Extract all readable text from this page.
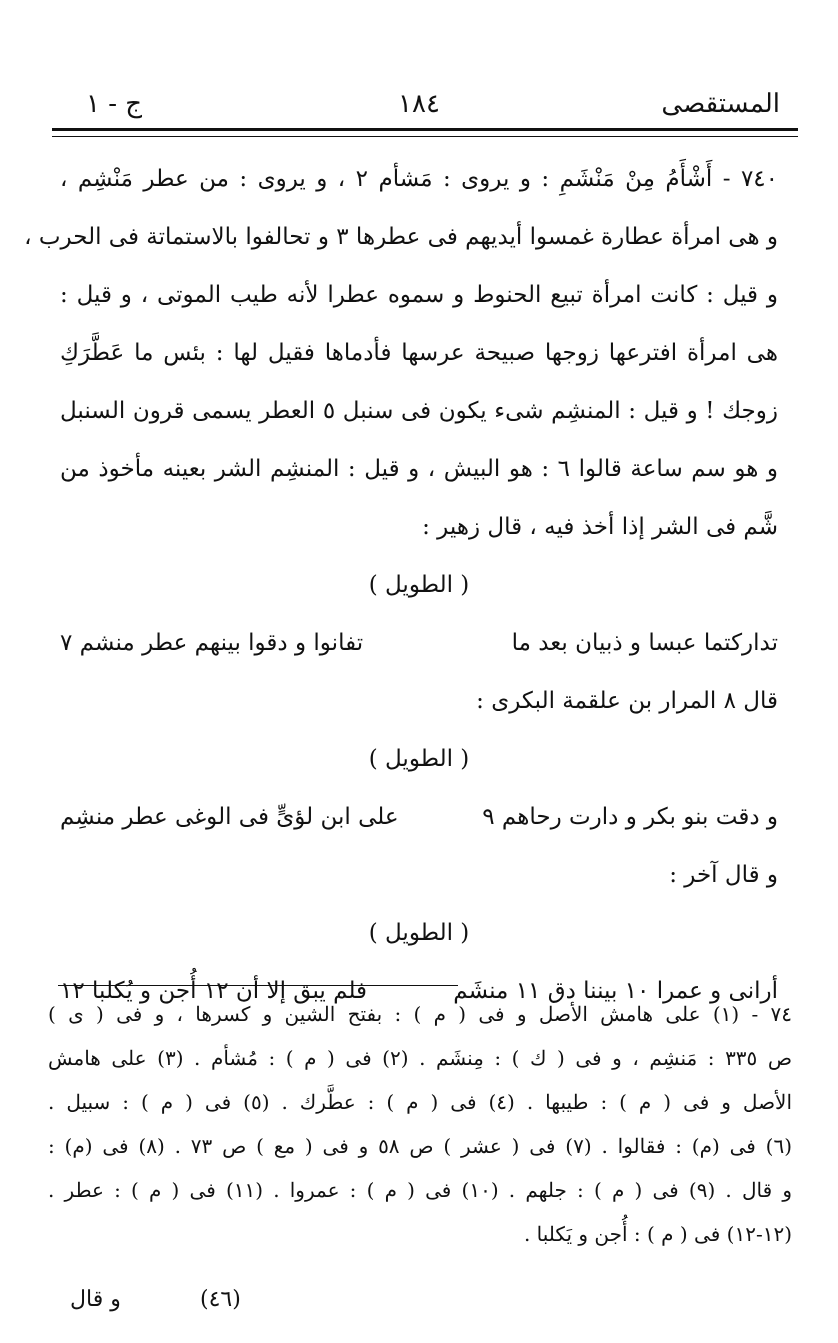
المستقصى
١٨٤
ج - ١
٧٤٠ - أَشْأَمُ مِنْ مَنْشَمِ : و يروى : مَشأم ٢ ، و يروى : من عطر مَنْشِم ،
و هى امرأة عطارة غمسوا أيديهم فى عطرها ٣ و تحالفوا بالاستماتة فى الحرب ،
و قيل : كانت امرأة تبيع الحنوط و سموه عطرا لأنه طيب الموتى ، و قيل :
هى امرأة افترعها زوجها صبيحة عرسها فأدماها فقيل لها : بئس ما عَطَّرَكِ
زوجك ! و قيل : المنشِم شىء يكون فى سنبل ٥ العطر يسمى قرون السنبل
و هو سم ساعة قالوا ٦ : هو البيش ، و قيل : المنشِم الشر بعينه مأخوذ من
شَّم فى الشر إذا أخذ فيه ، قال زهير :
( الطويل )
تداركتما عبسا و ذبيان بعد ما
تفانوا و دقوا بينهم عطر منشم ٧
قال ٨ المرار بن علقمة البكرى :
( الطويل )
و دقت بنو بكر و دارت رحاهم ٩
على ابن لؤىٍّ فى الوغى عطر منشِم
و قال آخر :
( الطويل )
أرانى و عمرا ١٠ بيننا دق ١١ منشَم
فلم يبق إلا أن ١٢ أُجن و يُكلبا ١٢
٧٤ - (١) على هامش الأصل و فى ( م ) : بفتح الشين و كسرها ، و فى ( ى )
ص ٣٣٥ : مَنشِم ، و فى ( ك ) : مِنشَم . (٢) فى ( م ) : مُشأم . (٣) على هامش
الأصل و فى ( م ) : طيبها . (٤) فى ( م ) : عطَّرك . (٥) فى ( م ) : سبيل .
(٦) فى (م) : فقالوا . (٧) فى ( عشر ) ص ٥٨ و فى ( مع ) ص ٧٣ . (٨) فى (م) :
و قال . (٩) فى ( م ) : جلهم . (١٠) فى ( م ) : عمروا . (١١) فى ( م ) : عطر .
(١٢-١٢) فى ( م ) : أُجن و يَكلبا .
و قال	(٤٦)
